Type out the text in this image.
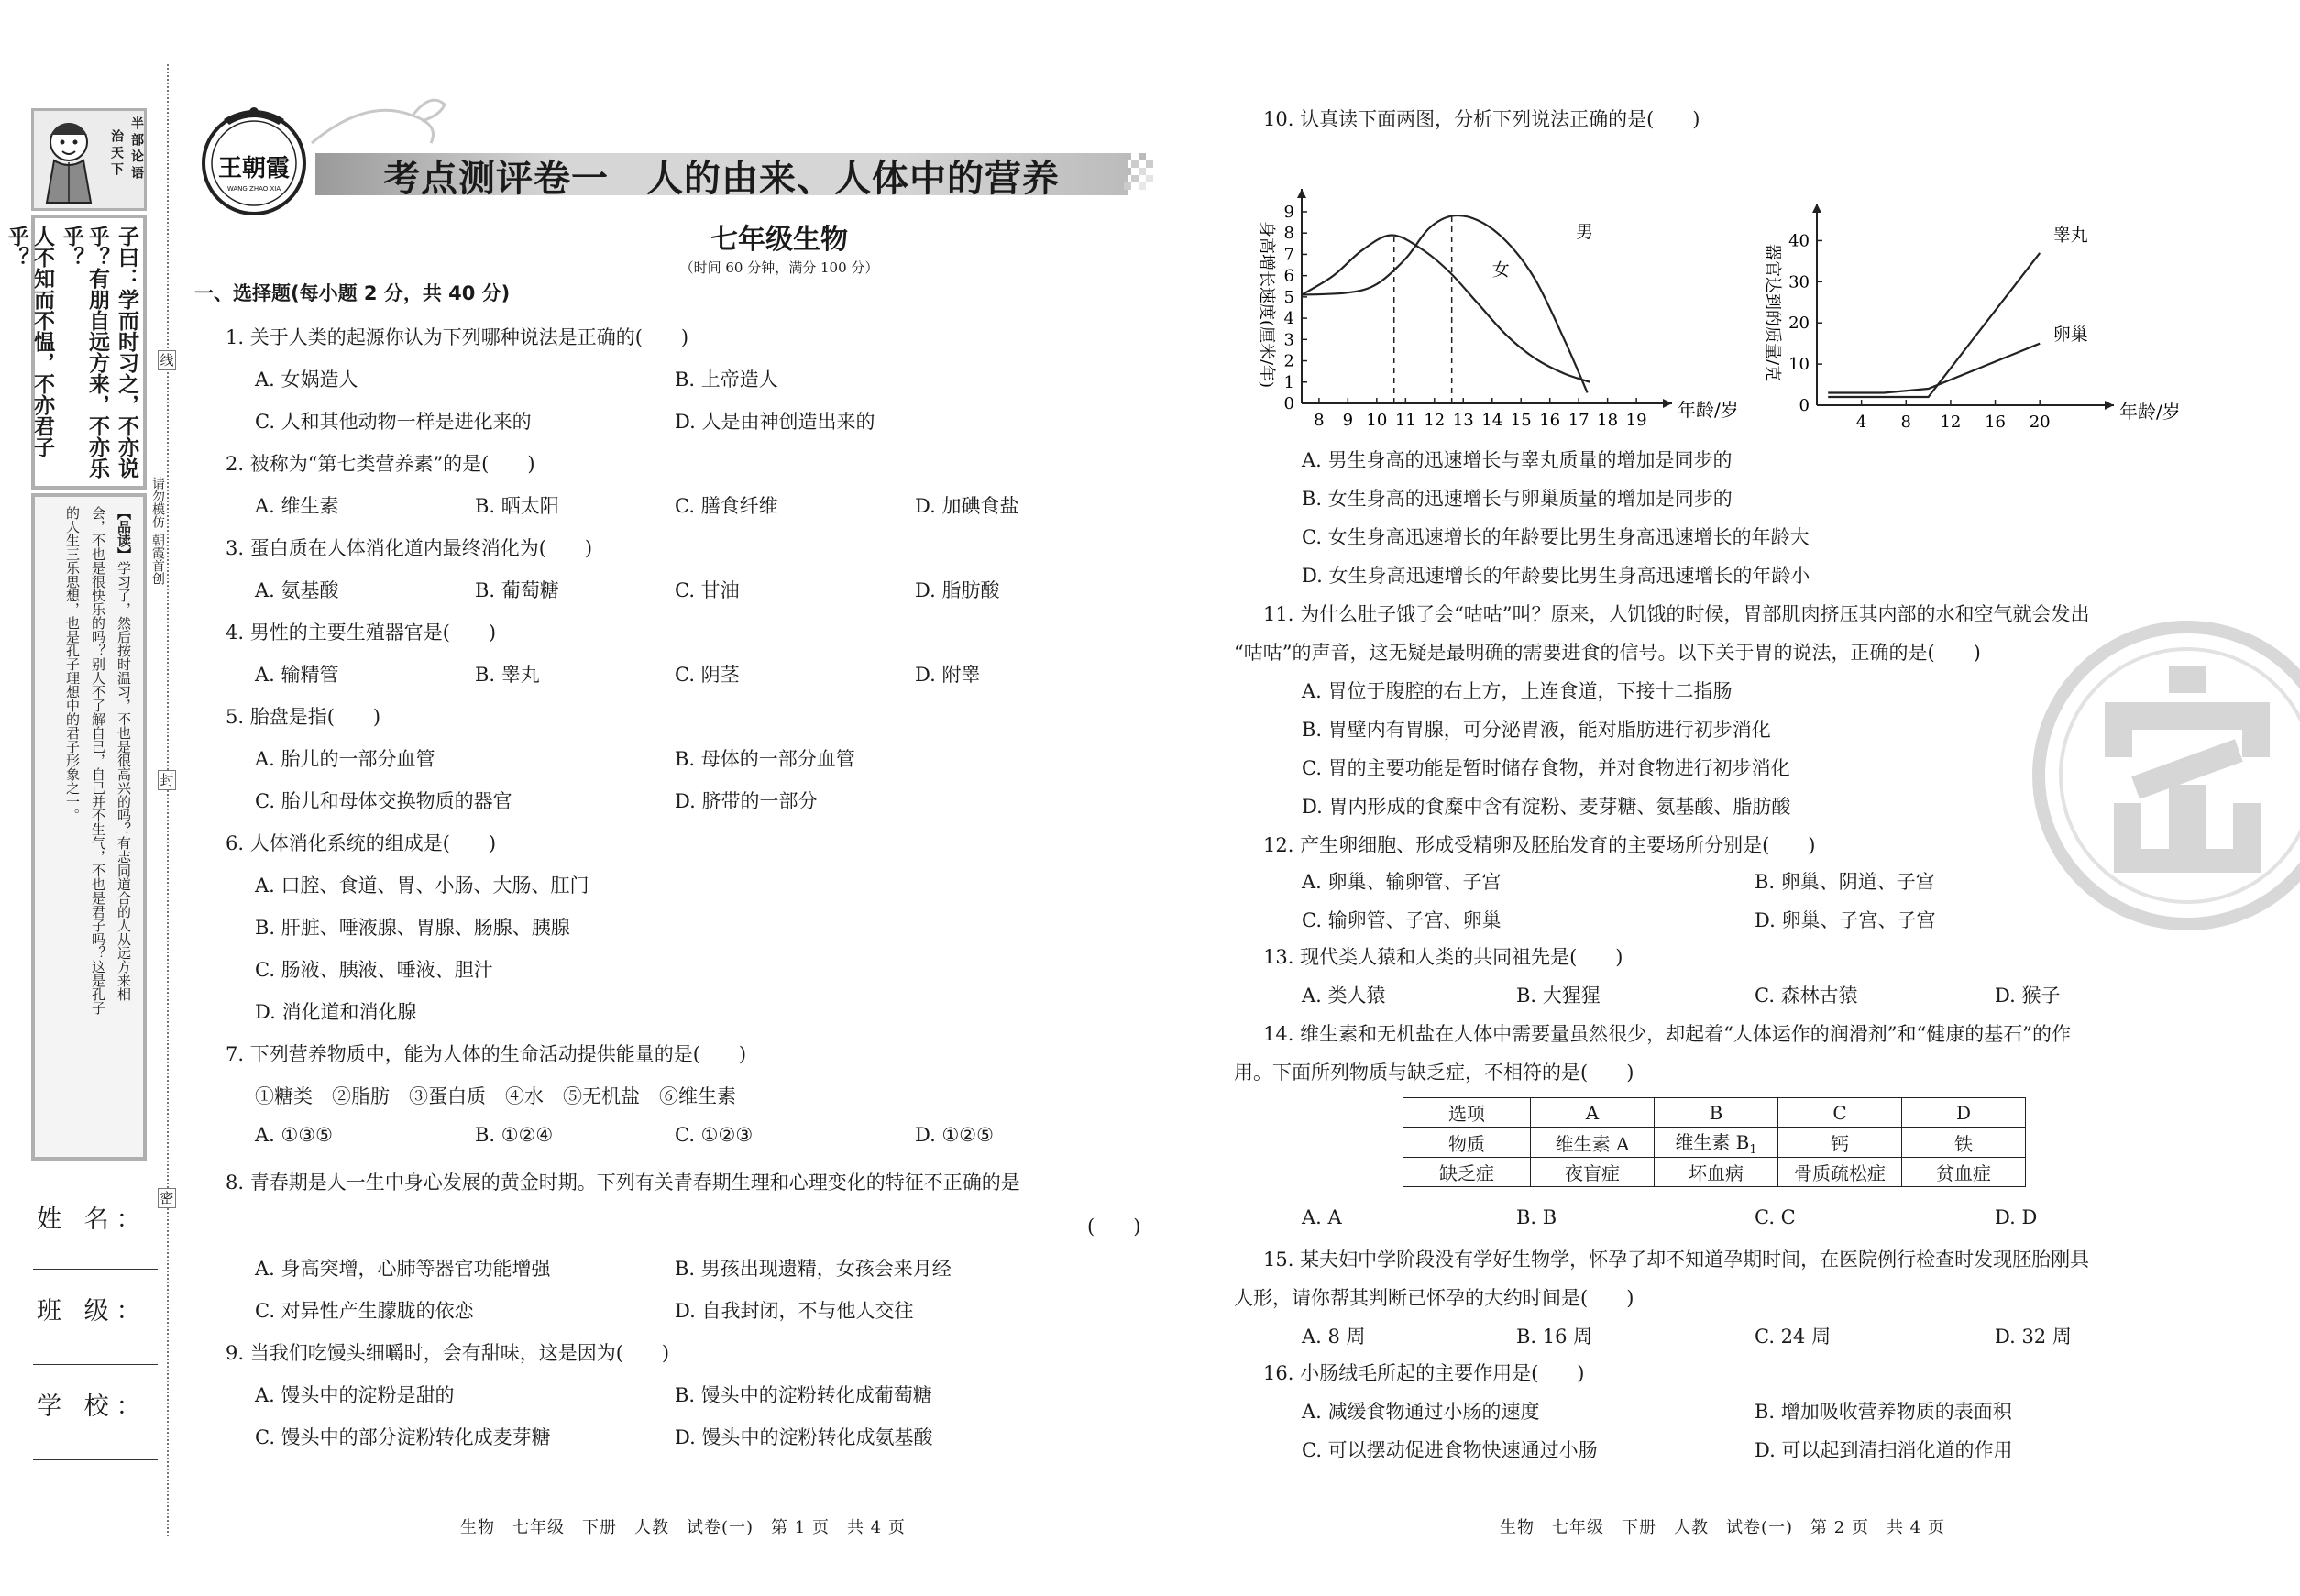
半部论语
治天下
子曰：学而时习之，不亦说
乎？有朋自远方来，不亦乐乎？
人不知而不愠，不亦君子乎？
【品读】学习了，然后按时温习，不也是很高兴的吗？有志同道合的人从远方来相
会，不也是很快乐的吗？别人不了解自己，自己并不生气，不也是君子吗？这是孔子
的人生三乐思想，也是孔子理想中的君子形象之一。
姓 名：
班 级：
学 校：
线
封
密
朝霞首创
请勿模仿
王朝霞
WANG ZHAO XIA	考点测评卷一　人的由来、人体中的营养
七年级生物
（时间 60 分钟，满分 100 分）
一、选择题(每小题 2 分，共 40 分)
1. 关于人类的起源你认为下列哪种说法是正确的(　　)
A. 女娲造人	B. 上帝造人
C. 人和其他动物一样是进化来的	D. 人是由神创造出来的
2. 被称为“第七类营养素”的是(　　)
A. 维生素	B. 晒太阳	C. 膳食纤维	D. 加碘食盐
3. 蛋白质在人体消化道内最终消化为(　　)
A. 氨基酸	B. 葡萄糖	C. 甘油	D. 脂肪酸
4. 男性的主要生殖器官是(　　)
A. 输精管	B. 睾丸	C. 阴茎	D. 附睾
5. 胎盘是指(　　)
A. 胎儿的一部分血管	B. 母体的一部分血管
C. 胎儿和母体交换物质的器官	D. 脐带的一部分
6. 人体消化系统的组成是(　　)
A. 口腔、食道、胃、小肠、大肠、肛门
B. 肝脏、唾液腺、胃腺、肠腺、胰腺
C. 肠液、胰液、唾液、胆汁
D. 消化道和消化腺
7. 下列营养物质中，能为人体的生命活动提供能量的是(　　)
①糖类　②脂肪　③蛋白质　④水　⑤无机盐　⑥维生素
A. ①③⑤	B. ①②④	C. ①②③	D. ①②⑤
8. 青春期是人一生中身心发展的黄金时期。下列有关青春期生理和心理变化的特征不正确的是
(　　)
A. 身高突增，心肺等器官功能增强	B. 男孩出现遗精，女孩会来月经
C. 对异性产生朦胧的依恋	D. 自我封闭，不与他人交往
9. 当我们吃馒头细嚼时，会有甜味，这是因为(　　)
A. 馒头中的淀粉是甜的	B. 馒头中的淀粉转化成葡萄糖
C. 馒头中的部分淀粉转化成麦芽糖	D. 馒头中的淀粉转化成氨基酸
生物　七年级　下册　人教　试卷(一)　第 1 页　共 4 页
10. 认真读下面两图，分析下列说法正确的是(　　)
0
1
2
3
4
5
6
7
8
9
8 9 10 11 12 13 14 15 16 17 18 19
男
女
年龄/岁
身高增长速度(厘米/年)
0
10
20
30
40
4 8 12 16 20
睾丸
卵巢
年龄/岁
器官达到的质量/克
A. 男生身高的迅速增长与睾丸质量的增加是同步的
B. 女生身高的迅速增长与卵巢质量的增加是同步的
C. 女生身高迅速增长的年龄要比男生身高迅速增长的年龄大
D. 女生身高迅速增长的年龄要比男生身高迅速增长的年龄小
11. 为什么肚子饿了会“咕咕”叫？原来，人饥饿的时候，胃部肌肉挤压其内部的水和空气就会发出
“咕咕”的声音，这无疑是最明确的需要进食的信号。以下关于胃的说法，正确的是(　　)
A. 胃位于腹腔的右上方，上连食道，下接十二指肠
B. 胃壁内有胃腺，可分泌胃液，能对脂肪进行初步消化
C. 胃的主要功能是暂时储存食物，并对食物进行初步消化
D. 胃内形成的食糜中含有淀粉、麦芽糖、氨基酸、脂肪酸
12. 产生卵细胞、形成受精卵及胚胎发育的主要场所分别是(　　)
A. 卵巢、输卵管、子宫	B. 卵巢、阴道、子宫
C. 输卵管、子宫、卵巢	D. 卵巢、子宫、子宫
13. 现代类人猿和人类的共同祖先是(　　)
A. 类人猿	B. 大猩猩	C. 森林古猿	D. 猴子
14. 维生素和无机盐在人体中需要量虽然很少，却起着“人体运作的润滑剂”和“健康的基石”的作
用。下面所列物质与缺乏症，不相符的是(　　)
选项	A	B	C	D
物质	维生素 A	维生素 $B_1$	钙	铁
缺乏症	夜盲症	坏血病	骨质疏松症	贫血症
A. A	B. B	C. C	D. D
15. 某夫妇中学阶段没有学好生物学，怀孕了却不知道孕期时间，在医院例行检查时发现胚胎刚具
人形，请你帮其判断已怀孕的大约时间是(　　)
A. 8 周	B. 16 周	C. 24 周	D. 32 周
16. 小肠绒毛所起的主要作用是(　　)
A. 减缓食物通过小肠的速度	B. 增加吸收营养物质的表面积
C. 可以摆动促进食物快速通过小肠	D. 可以起到清扫消化道的作用
生物　七年级　下册　人教　试卷(一)　第 2 页　共 4 页
